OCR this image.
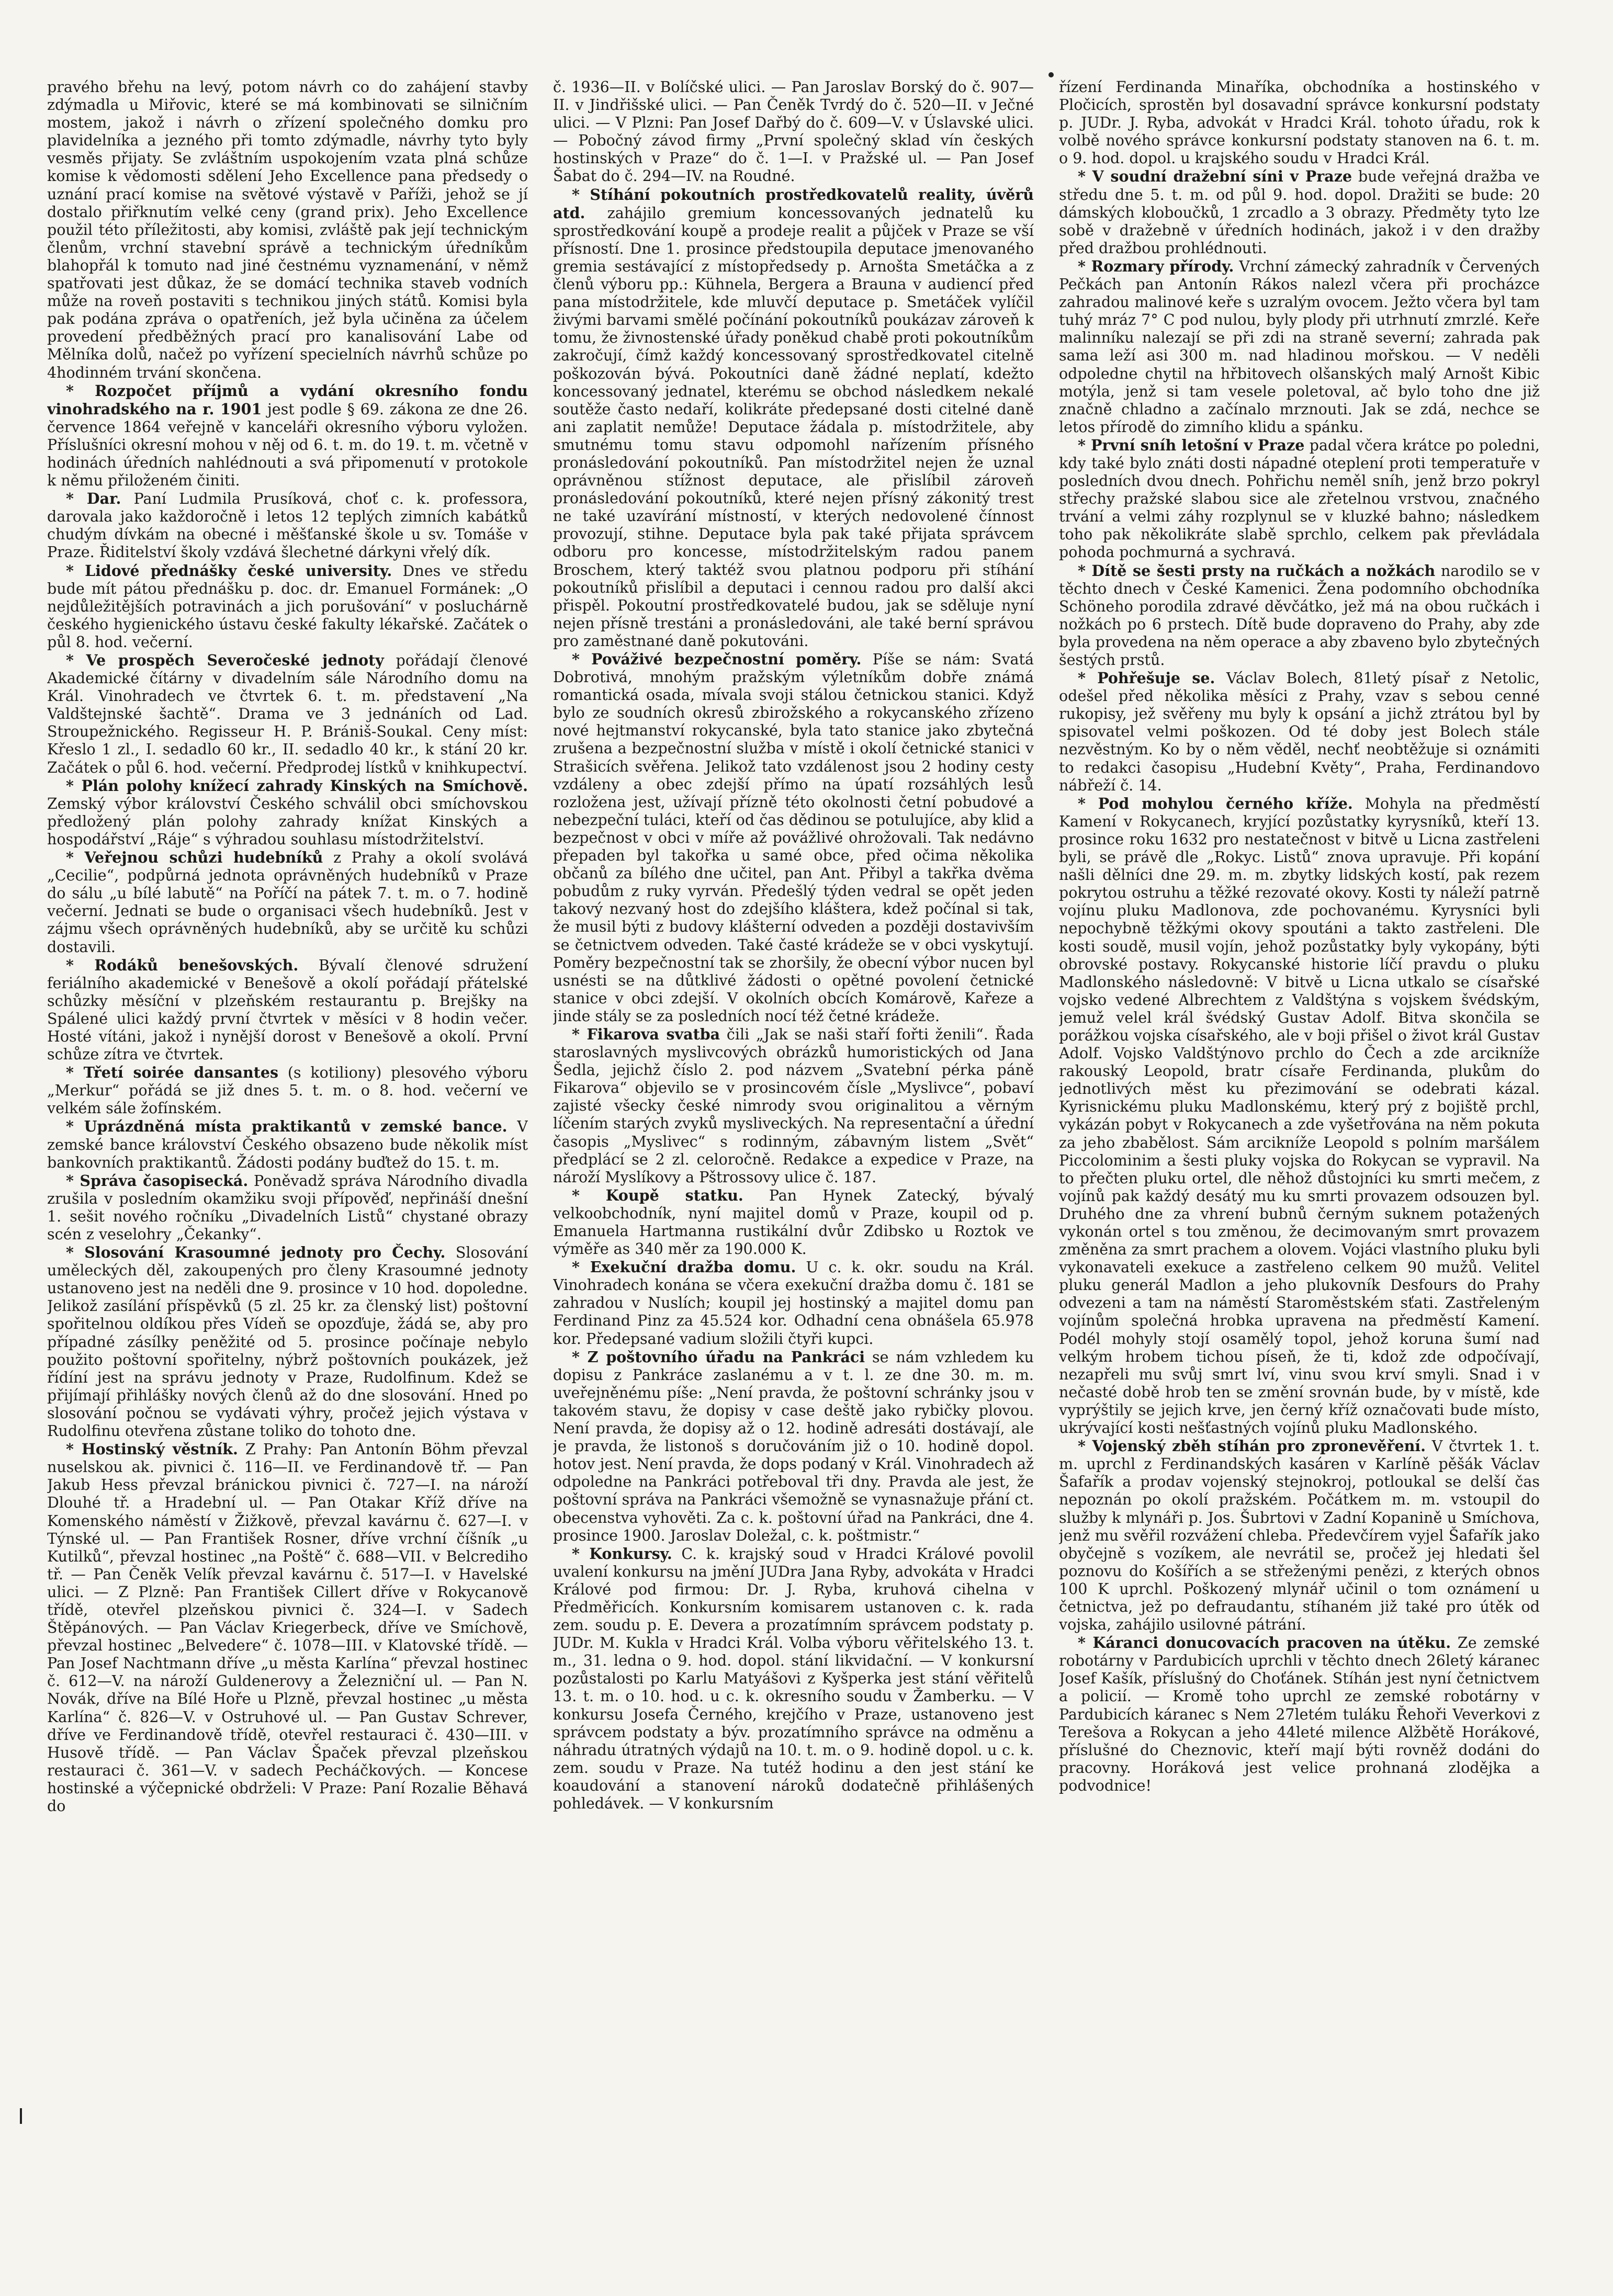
pravého břehu na levý, potom návrh co do zahájení stavby zdýmadla u Miřovic, které se má kombinovati se silničním mostem, jakož i návrh o zřízení společného domku pro plavidelníka a jezného při tomto zdýmadle, návrhy tyto byly vesměs přijaty. Se zvláštním uspokojením vzata plná schůze komise k vědomosti sdělení Jeho Excellence pana předsedy o uznání prací komise na světové výstavě v Paříži, jehož se jí dostalo přiřknutím velké ceny (grand prix). Jeho Excellence použil této příležitosti, aby komisi, zvláště pak její technickým členům, vrchní stavební správě a technickým úředníkům blahopřál k tomuto nad jiné čestnému vyznamenání, v němž spatřovati jest důkaz, že se domácí technika staveb vodních může na roveň postaviti s technikou jiných států. Komisi byla pak podána zpráva o opatřeních, jež byla učiněna za účelem provedení předběžných prací pro kanalisování Labe od Mělníka dolů, načež po vyřízení specielních návrhů schůze po 4hodinném trvání skončena.

* Rozpočet příjmů a vydání okresního fondu vinohradského na r. 1901 jest podle § 69. zákona ze dne 26. července 1864 veřejně v kanceláři okresního výboru vyložen. Příslušníci okresní mohou v něj od 6. t. m. do 19. t. m. včetně v hodinách úředních nahlédnouti a svá připomenutí v protokole k němu přiloženém činiti.

* Dar. Paní Ludmila Prusíková, choť c. k. professora, darovala jako každoročně i letos 12 teplých zimních kabátků chudým dívkám na obecné i měšťanské škole u sv. Tomáše v Praze. Řiditelství školy vzdává šlechetné dárkyni vřelý dík.

* Lidové přednášky české university. Dnes ve středu bude mít pátou přednášku p. doc. dr. Emanuel Formánek: „O nejdůležitějších potravinách a jich porušování“ v posluchárně českého hygienického ústavu české fakulty lékařské. Začátek o půl 8. hod. večerní.

* Ve prospěch Severočeské jednoty pořádají členové Akademické čítárny v divadelním sále Národního domu na Král. Vinohradech ve čtvrtek 6. t. m. představení „Na Valdštejnské šachtě“. Drama ve 3 jednáních od Lad. Stroupežnického. Regisseur H. P. Brániš-Soukal. Ceny míst: Křeslo 1 zl., I. sedadlo 60 kr., II. sedadlo 40 kr., k stání 20 kr. Začátek o půl 6. hod. večerní. Předprodej lístků v knihkupectví.

* Plán polohy knížecí zahrady Kinských na Smíchově. Zemský výbor království Českého schválil obci smíchovskou předložený plán polohy zahrady knížat Kinských a hospodářství „Ráje“ s výhradou souhlasu místodržitelství.

* Veřejnou schůzi hudebníků z Prahy a okolí svolává „Cecilie“, podpůrná jednota oprávněných hudebníků v Praze do sálu „u bílé labutě“ na Poříčí na pátek 7. t. m. o 7. hodině večerní. Jednati se bude o organisaci všech hudebníků. Jest v zájmu všech oprávněných hudebníků, aby se určitě ku schůzi dostavili.

* Rodáků benešovských. Bývalí členové sdružení feriálního akademické v Benešově a okolí pořádají přátelské schůzky měsíční v plzeňském restaurantu p. Brejšky na Spálené ulici každý první čtvrtek v měsíci v 8 hodin večer. Hosté vítáni, jakož i nynější dorost v Benešově a okolí. První schůze zítra ve čtvrtek.

* Třetí soirée dansantes (s kotiliony) plesového výboru „Merkur“ pořádá se již dnes 5. t. m. o 8. hod. večerní ve velkém sále žofínském.

* Uprázdněná místa praktikantů v zemské bance. V zemské bance království Českého obsazeno bude několik míst bankovních praktikantů. Žádosti podány buďtež do 15. t. m.

* Správa časopisecká. Poněvadž správa Národního divadla zrušila v posledním okamžiku svoji přípověď, nepřináší dnešní 1. sešit nového ročníku „Divadelních Listů“ chystané obrazy scén z veselohry „Čekanky“.

* Slosování Krasoumné jednoty pro Čechy. Slosování uměleckých děl, zakoupených pro členy Krasoumné jednoty ustanoveno jest na neděli dne 9. prosince v 10 hod. dopoledne. Jelikož zasílání příspěvků (5 zl. 25 kr. za členský list) poštovní spořitelnou oldíkou přes Vídeň se opozďuje, žádá se, aby pro případné zásílky peněžité od 5. prosince počínaje nebylo použito poštovní spořitelny, nýbrž poštovních poukázek, jež řídíní jest na správu jednoty v Praze, Rudolfinum. Kdež se přijímají přihlášky nových členů až do dne slosování. Hned po slosování počnou se vydávati výhry, pročež jejich výstava v Rudolfinu otevřena zůstane toliko do tohoto dne.

* Hostinský věstník. Z Prahy: Pan Antonín Böhm převzal nuselskou ak. pivnici č. 116—II. ve Ferdinandově tř. — Pan Jakub Hess převzal bránickou pivnici č. 727—I. na nároží Dlouhé tř. a Hradební ul. — Pan Otakar Kříž dříve na Komenského náměstí v Žižkově, převzal kavárnu č. 627—I. v Týnské ul. — Pan František Rosner, dříve vrchní číšník „u Kutilků“, převzal hostinec „na Poště“ č. 688—VII. v Belcrediho tř. — Pan Čeněk Velík převzal kavárnu č. 517—I. v Havelské ulici. — Z Plzně: Pan František Cillert dříve v Rokycanově třídě, otevřel plzeňskou pivnici č. 324—I. v Sadech Štěpánových. — Pan Václav Kriegerbeck, dříve ve Smíchově, převzal hostinec „Belvedere“ č. 1078—III. v Klatovské třídě. — Pan Josef Nachtmann dříve „u města Karlína“ převzal hostinec č. 612—V. na nároží Guldenerovy a Železniční ul. — Pan N. Novák, dříve na Bílé Hoře u Plzně, převzal hostinec „u města Karlína“ č. 826—V. v Ostruhové ul. — Pan Gustav Schrever, dříve ve Ferdinandově třídě, otevřel restauraci č. 430—III. v Husově třídě. — Pan Václav Špaček převzal plzeňskou restauraci č. 361—V. v sadech Pecháčkových. — Koncese hostinské a výčepnické obdrželi: V Praze: Paní Rozalie Běhavá do

č. 1936—II. v Bolíčské ulici. — Pan Jaroslav Borský do č. 907—II. v Jindřišské ulici. — Pan Čeněk Tvrdý do č. 520—II. v Ječné ulici. — V Plzni: Pan Josef Dařbý do č. 609—V. v Úslavské ulici. — Pobočný závod firmy „První společný sklad vín českých hostinských v Praze“ do č. 1—I. v Pražské ul. — Pan Josef Šabat do č. 294—IV. na Roudné.

* Stíhání pokoutních prostředkovatelů reality, úvěrů atd. zahájilo gremium koncessovaných jednatelů ku sprostředkování koupě a prodeje realit a půjček v Praze se vší přísností. Dne 1. prosince předstoupila deputace jmenovaného gremia sestávající z místopředsedy p. Arnošta Smetáčka a z členů výboru pp.: Kühnela, Bergera a Brauna v audiencí před pana místodržitele, kde mluvčí deputace p. Smetáček vylíčil živými barvami smělé počínání pokoutníků poukázav zároveň k tomu, že živnostenské úřady poněkud chabě proti pokoutníkům zakročují, čímž každý koncessovaný sprostředkovatel citelně poškozován bývá. Pokoutníci daně žádné neplatí, kdežto koncessovaný jednatel, kterému se obchod následkem nekalé soutěže často nedaří, kolikráte předepsané dosti citelné daně ani zaplatit nemůže! Deputace žádala p. místodržitele, aby smutnému tomu stavu odpomohl nařízením přísného pronásledování pokoutníků. Pan místodržitel nejen že uznal oprávněnou stížnost deputace, ale přislíbil zároveň pronásledování pokoutníků, které nejen přísný zákonitý trest ne také uzavírání místností, v kterých nedovolené čínnost provozují, stihne. Deputace byla pak také přijata správcem odboru pro koncesse, místodržitelským radou panem Broschem, který taktéž svou platnou podporu při stíhání pokoutníků přislíbil a deputaci i cennou radou pro další akci přispěl. Pokoutní prostředkovatelé budou, jak se sděluje nyní nejen přísně trestáni a pronásledováni, ale také berní správou pro zaměstnané daně pokutováni.

* Pováživé bezpečnostní poměry. Píše se nám: Svatá Dobrotivá, mnohým pražským výletníkům dobře známá romantická osada, mívala svoji stálou četnickou stanici. Když bylo ze soudních okresů zbirožského a rokycanského zřízeno nové hejtmanství rokycanské, byla tato stanice jako zbytečná zrušena a bezpečnostní služba v místě i okolí četnické stanici v Strašicích svěřena. Jelikož tato vzdálenost jsou 2 hodiny cesty vzdáleny a obec zdejší přímo na úpatí rozsáhlých lesů rozložena jest, užívají přízně této okolnosti četní pobudové a nebezpeční tuláci, kteří od čas dědinou se potulujíce, aby klid a bezpečnost v obci v míře až povážlivé ohrožovali. Tak nedávno přepaden byl takořka u samé obce, před očima několika občanů za bílého dne učitel, pan Ant. Přibyl a takřka dvěma pobudům z ruky vyrván. Předešlý týden vedral se opět jeden takový nezvaný host do zdejšího kláštera, kdež počínal si tak, že musil býti z budovy klášterní odveden a později dostavivším se četnictvem odveden. Také časté krádeže se v obci vyskytují. Poměry bezpečnostní tak se zhoršily, že obecní výbor nucen byl usnésti se na důtklivé žádosti o opětné povolení četnické stanice v obci zdejší. V okolních obcích Komárově, Kařeze a jinde stály se za posledních nocí též četné krádeže.

* Fikarova svatba čili „Jak se naši staří fořti ženili“. Řada staroslavných myslivcových obrázků humoristických od Jana Šedla, jejichž číslo 2. pod názvem „Svatební pérka páně Fikarova“ objevilo se v prosincovém čísle „Myslivce“, pobaví zajisté všecky české nimrody svou originalitou a věrným líčením starých zvyků mysliveckých. Na representační a úřední časopis „Myslivec“ s rodinným, zábavným listem „Svět“ předplácí se 2 zl. celoročně. Redakce a expedice v Praze, na nároží Myslíkovy a Pštrossovy ulice č. 187.

* Koupě statku. Pan Hynek Zatecký, bývalý velkoobchodník, nyní majitel domů v Praze, koupil od p. Emanuela Hartmanna rustikální dvůr Zdibsko u Roztok ve výměře as 340 měr za 190.000 K.

* Exekuční dražba domu. U c. k. okr. soudu na Král. Vinohradech konána se včera exekuční dražba domu č. 181 se zahradou v Nuslích; koupil jej hostinský a majitel domu pan Ferdinand Pinz za 45.524 kor. Odhadní cena obnášela 65.978 kor. Předepsané vadium složili čtyři kupci.

* Z poštovního úřadu na Pankráci se nám vzhledem ku dopisu z Pankráce zaslanému a v t. l. ze dne 30. m. m. uveřejněnému píše: „Není pravda, že poštovní schránky jsou v takovém stavu, že dopisy v case deště jako rybičky plovou. Není pravda, že dopisy až o 12. hodině adresáti dostávají, ale je pravda, že listonoš s doručováním již o 10. hodině dopol. hotov jest. Není pravda, že dops podaný v Král. Vinohradech až odpoledne na Pankráci potřeboval tři dny. Pravda ale jest, že poštovní správa na Pankráci všemožně se vynasnažuje přání ct. obecenstva vyhověti. Za c. k. poštovní úřad na Pankráci, dne 4. prosince 1900. Jaroslav Doležal, c. k. poštmistr.“

* Konkursy. C. k. krajský soud v Hradci Králové povolil uvalení konkursu na jmění JUDra Jana Ryby, advokáta v Hradci Králové pod firmou: Dr. J. Ryba, kruhová cihelna v Předměřicích. Konkursním komisarem ustanoven c. k. rada zem. soudu p. E. Devera a prozatímním správcem podstaty p. JUDr. M. Kukla v Hradci Král. Volba výboru věřitelského 13. t. m., 31. ledna o 9. hod. dopol. stání likvidační. — V konkursní pozůstalosti po Karlu Matyášovi z Kyšperka jest stání věřitelů 13. t. m. o 10. hod. u c. k. okresního soudu v Žamberku. — V konkursu Josefa Černého, krejčího v Praze, ustanoveno jest správcem podstaty a býv. prozatímního správce na odměnu a náhradu útratných výdajů na 10. t. m. o 9. hodině dopol. u c. k. zem. soudu v Praze. Na tutéž hodinu a den jest stání ke koaudování a stanovení nároků dodatečně přihlášených pohledávek. — V konkursním

řízení Ferdinanda Minaříka, obchodníka a hostinského v Pločicích, sprostěn byl dosavadní správce konkursní podstaty p. JUDr. J. Ryba, advokát v Hradci Král. tohoto úřadu, rok k volbě nového správce konkursní podstaty stanoven na 6. t. m. o 9. hod. dopol. u krajského soudu v Hradci Král.

* V soudní dražební síni v Praze bude veřejná dražba ve středu dne 5. t. m. od půl 9. hod. dopol. Dražiti se bude: 20 dámských kloboučků, 1 zrcadlo a 3 obrazy. Předměty tyto lze sobě v dražebně v úředních hodinách, jakož i v den dražby před dražbou prohlédnouti.

* Rozmary přírody. Vrchní zámecký zahradník v Červených Pečkách pan Antonín Rákos nalezl včera při procházce zahradou malinové keře s uzralým ovocem. Ježto včera byl tam tuhý mráz 7° C pod nulou, byly plody při utrhnutí zmrzlé. Keře malinníku nalezají se při zdi na straně severní; zahrada pak sama leží asi 300 m. nad hladinou mořskou. — V neděli odpoledne chytil na hřbitovech olšanských malý Arnošt Kibic motýla, jenž si tam vesele poletoval, ač bylo toho dne již značně chladno a začínalo mrznouti. Jak se zdá, nechce se letos přírodě do zimního klidu a spánku.

* První sníh letošní v Praze padal včera krátce po poledni, kdy také bylo znáti dosti nápadné oteplení proti temperatuře v posledních dvou dnech. Pohřichu neměl sníh, jenž brzo pokryl střechy pražské slabou sice ale zřetelnou vrstvou, značného trvání a velmi záhy rozplynul se v kluzké bahno; následkem toho pak několikráte slabě sprchlo, celkem pak převládala pohoda pochmurná a sychravá.

* Dítě se šesti prsty na ručkách a nožkách narodilo se v těchto dnech v České Kamenici. Žena podomního obchodníka Schöneho porodila zdravé děvčátko, jež má na obou ručkách i nožkách po 6 prstech. Dítě bude dopraveno do Prahy, aby zde byla provedena na něm operace a aby zbaveno bylo zbytečných šestých prstů.

* Pohřešuje se. Václav Bolech, 81letý písař z Netolic, odešel před několika měsíci z Prahy, vzav s sebou cenné rukopisy, jež svěřeny mu byly k opsání a jichž ztrátou byl by spisovatel velmi poškozen. Od té doby jest Bolech stále nezvěstným. Ko by o něm věděl, nechť neobtěžuje si oznámiti to redakci časopisu „Hudební Květy“, Praha, Ferdinandovo nábřeží č. 14.

* Pod mohylou černého kříže. Mohyla na předměstí Kamení v Rokycanech, kryjící pozůstatky kyrysníků, kteří 13. prosince roku 1632 pro nestatečnost v bitvě u Licna zastřeleni byli, se právě dle „Rokyc. Listů“ znova upravuje. Při kopání našli dělníci dne 29. m. m. zbytky lidských kostí, pak rezem pokrytou ostruhu a těžké rezovaté okovy. Kosti ty náleží patrně vojínu pluku Madlonova, zde pochovanému. Kyrysníci byli nepochybně těžkými okovy spoutáni a takto zastřeleni. Dle kosti soudě, musil vojín, jehož pozůstatky byly vykopány, býti obrovské postavy. Rokycanské historie líčí pravdu o pluku Madlonského následovně: V bitvě u Licna utkalo se císařské vojsko vedené Albrechtem z Valdštýna s vojskem švédským, jemuž velel král švédský Gustav Adolf. Bitva skončila se porážkou vojska císařského, ale v boji přišel o život král Gustav Adolf. Vojsko Valdštýnovo prchlo do Čech a zde arciknížе rakouský Leopold, bratr císaře Ferdinanda, plukům do jednotlivých měst ku přezimování se odebrati kázal. Kyrisnickému pluku Madlonskému, který prý z bojiště prchl, vykázán pobyt v Rokycanech a zde vyšetřována na něm pokuta za jeho zbabělost. Sám arcikníže Leopold s polním maršálem Piccolominim a šesti pluky vojska do Rokycan se vypravil. Na to přečten pluku ortel, dle něhož důstojníci ku smrti mečem, z vojínů pak každý desátý mu ku smrti provazem odsouzen byl. Druhého dne za vhrení bubnů černým suknem potažených vykonán ortel s tou změnou, že decimovaným smrt provazem změněna za smrt prachem a olovem. Vojáci vlastního pluku byli vykonavateli exekuce a zastřeleno celkem 90 mužů. Velitel pluku generál Madlon a jeho plukovník Desfours do Prahy odvezeni a tam na náměstí Staroměstském sťati. Zastřeleným vojínům společná hrobka upravena na předměstí Kamení. Podél mohyly stojí osamělý topol, jehož koruna šumí nad velkým hrobem tichou píseň, že ti, kdož zde odpočívají, nezapřeli mu svůj smrt lví, vinu svou krví smyli. Snad i v nečasté době hrob ten se změní srovnán bude, by v místě, kde vyprýštily se jejich krve, jen černý kříž označovati bude místo, ukrývající kosti nešťastných vojínů pluku Madlonského.

* Vojenský zběh stíhán pro zpronevěření. V čtvrtek 1. t. m. uprchl z Ferdinandských kasáren v Karlíně pěšák Václav Šafařík a prodav vojenský stejnokroj, potloukal se delší čas nepoznán po okolí pražském. Počátkem m. m. vstoupil do služby k mlynáři p. Jos. Šubrtovi v Zadní Kopanině u Smíchova, jenž mu svěřil rozvážení chleba. Předevčírem vyjel Šafařík jako obyčejně s vozíkem, ale nevrátil se, pročež jej hledati šel poznovu do Košířích a se střeženými penězi, z kterých obnos 100 K uprchl. Poškozený mlynář učinil o tom oznámení u četnictva, jež po defraudantu, stíhaném již také pro útěk od vojska, zahájilo usilovné pátrání.

* Káranci donucovacích pracoven na útěku. Ze zemské robotárny v Pardubicích uprchli v těchto dnech 26letý káranec Josef Kašík, příslušný do Choťánek. Stíhán jest nyní četnictvem a policií. — Kromě toho uprchl ze zemské robotárny v Pardubicích káranec s Nem 27letém tuláku Řehoři Veverkovi z Terešova a Rokycan a jeho 44leté milence Alžbětě Horákové, příslušné do Cheznovic, kteří mají býti rovněž dodáni do pracovny. Horáková jest velice prohnaná zlodějka a podvodnice!
